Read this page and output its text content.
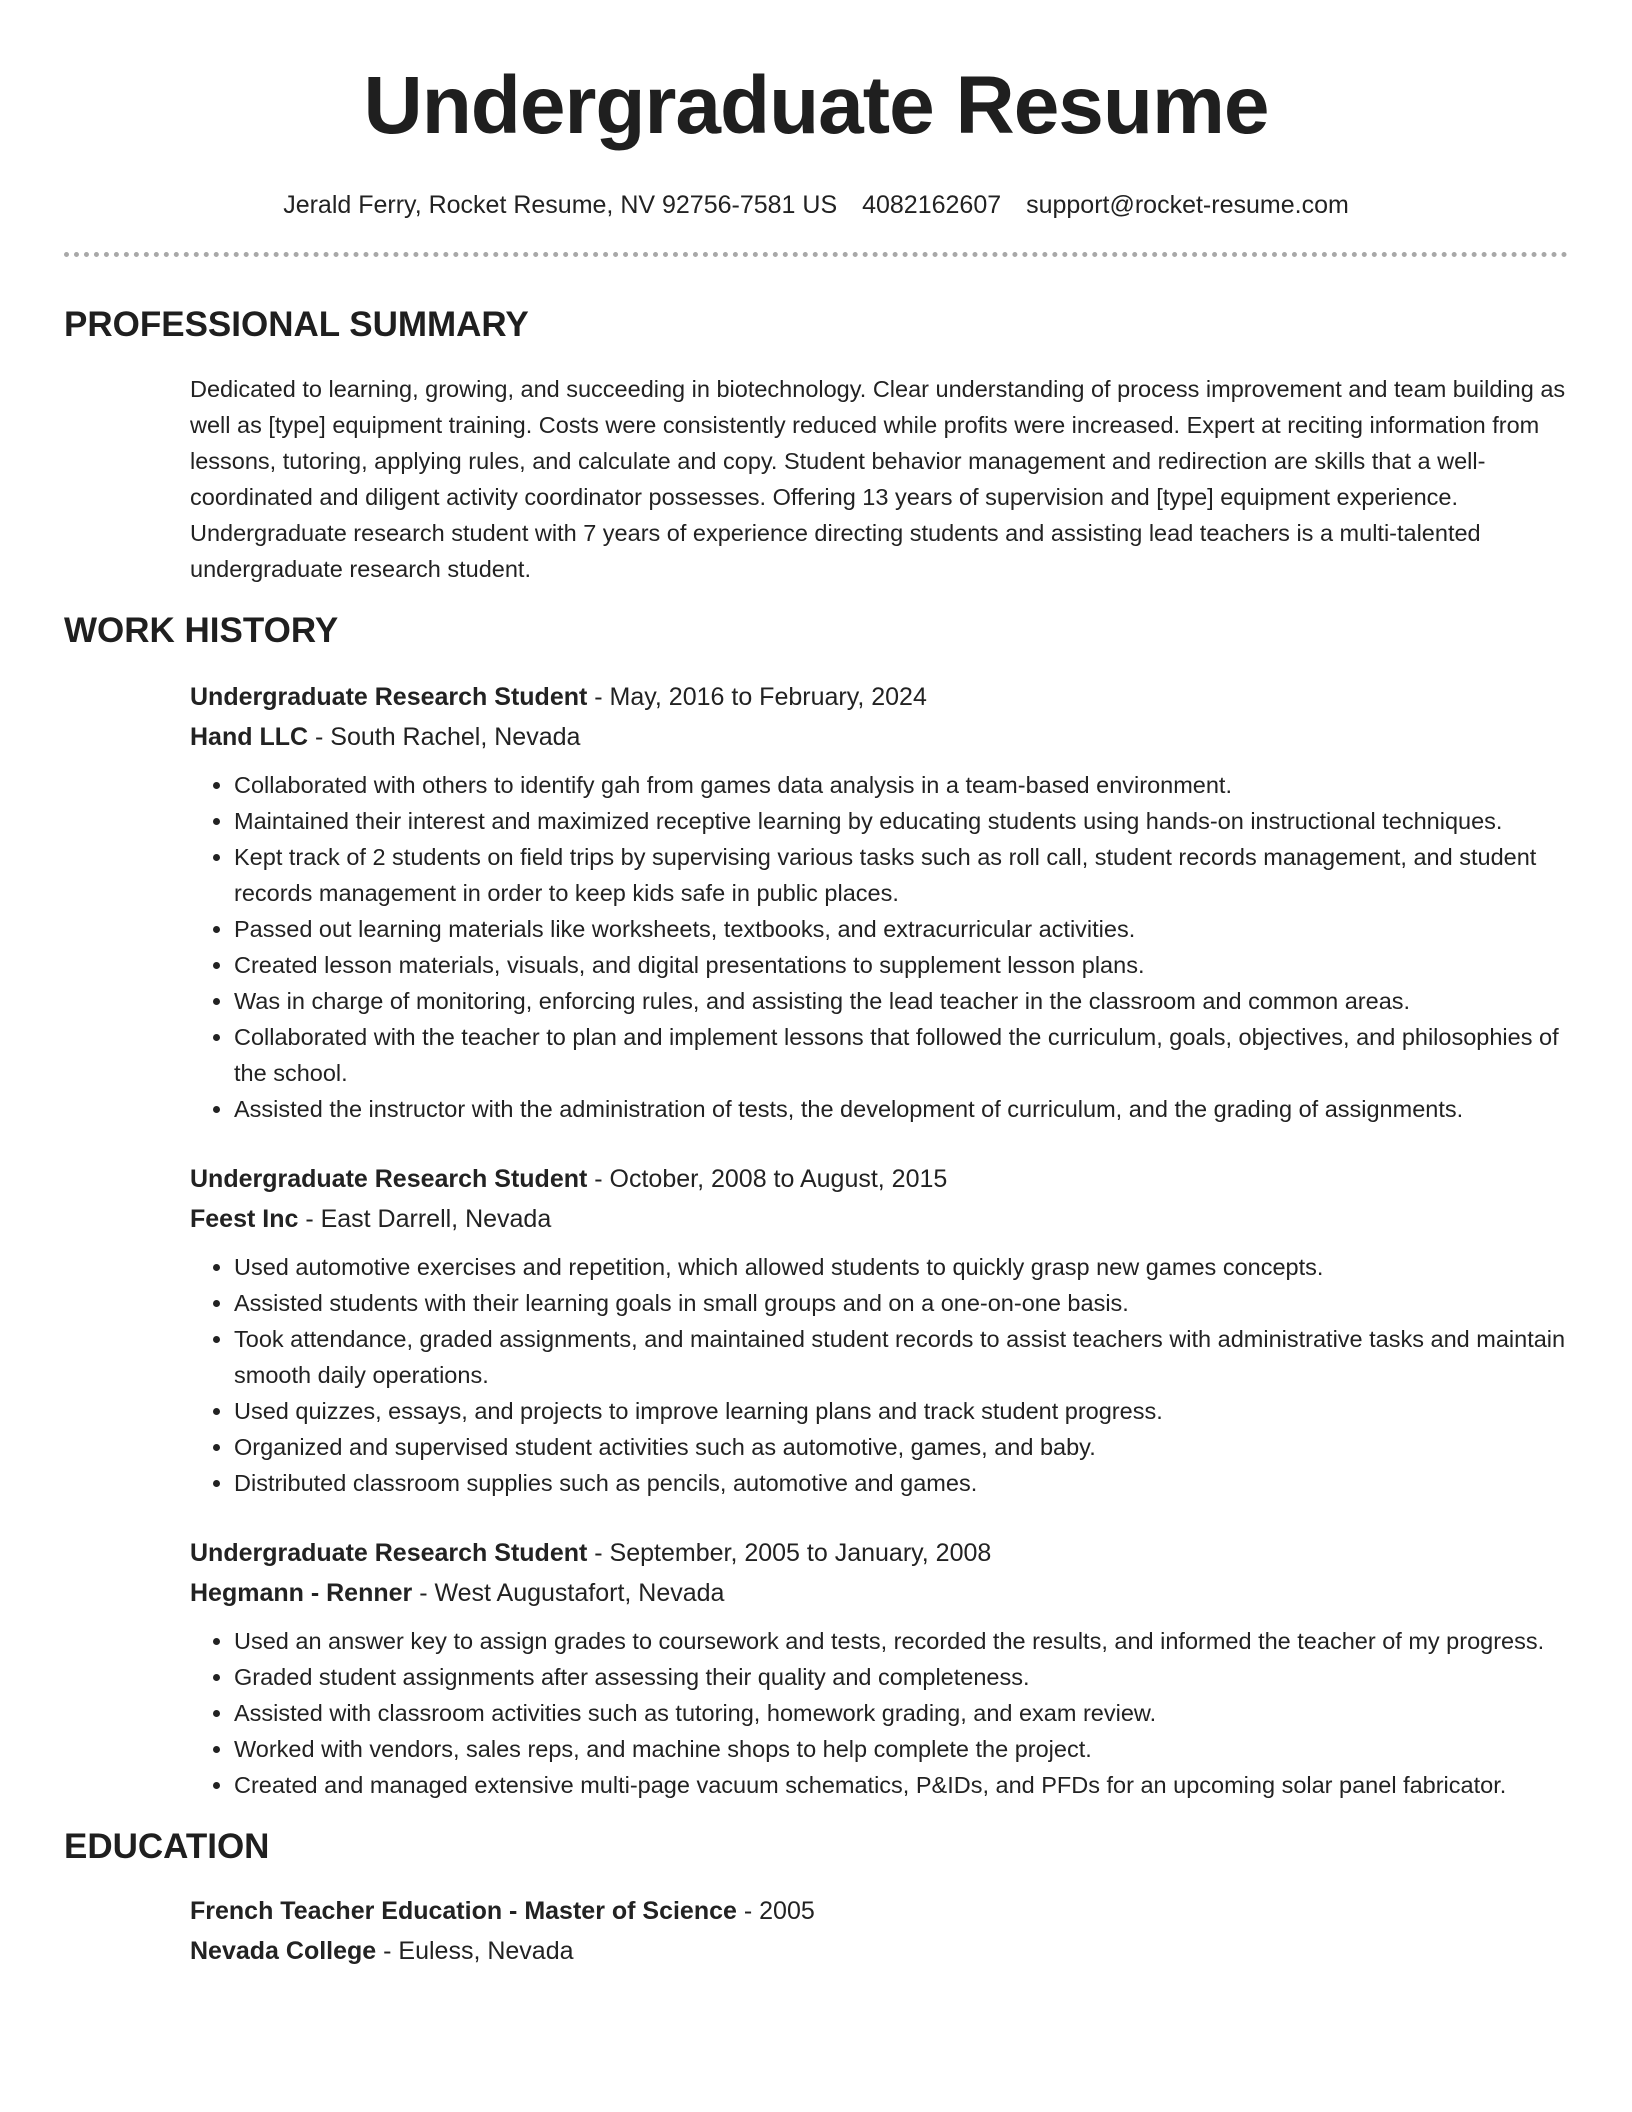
Undergraduate Resume
Jerald Ferry, Rocket Resume, NV 92756-7581 US 4082162607 support@rocket-resume.com
PROFESSIONAL SUMMARY
Dedicated to learning, growing, and succeeding in biotechnology. Clear understanding of process improvement and team building as well as [type] equipment training. Costs were consistently reduced while profits were increased. Expert at reciting information from lessons, tutoring, applying rules, and calculate and copy. Student behavior management and redirection are skills that a well-coordinated and diligent activity coordinator possesses. Offering 13 years of supervision and [type] equipment experience. Undergraduate research student with 7 years of experience directing students and assisting lead teachers is a multi-talented undergraduate research student.
WORK HISTORY
Undergraduate Research Student - May, 2016 to February, 2024
Hand LLC - South Rachel, Nevada
• Collaborated with others to identify gah from games data analysis in a team-based environment.
• Maintained their interest and maximized receptive learning by educating students using hands-on instructional techniques.
• Kept track of 2 students on field trips by supervising various tasks such as roll call, student records management, and student records management in order to keep kids safe in public places.
• Passed out learning materials like worksheets, textbooks, and extracurricular activities.
• Created lesson materials, visuals, and digital presentations to supplement lesson plans.
• Was in charge of monitoring, enforcing rules, and assisting the lead teacher in the classroom and common areas.
• Collaborated with the teacher to plan and implement lessons that followed the curriculum, goals, objectives, and philosophies of the school.
• Assisted the instructor with the administration of tests, the development of curriculum, and the grading of assignments.
Undergraduate Research Student - October, 2008 to August, 2015
Feest Inc - East Darrell, Nevada
• Used automotive exercises and repetition, which allowed students to quickly grasp new games concepts.
• Assisted students with their learning goals in small groups and on a one-on-one basis.
• Took attendance, graded assignments, and maintained student records to assist teachers with administrative tasks and maintain smooth daily operations.
• Used quizzes, essays, and projects to improve learning plans and track student progress.
• Organized and supervised student activities such as automotive, games, and baby.
• Distributed classroom supplies such as pencils, automotive and games.
Undergraduate Research Student - September, 2005 to January, 2008
Hegmann - Renner - West Augustafort, Nevada
• Used an answer key to assign grades to coursework and tests, recorded the results, and informed the teacher of my progress.
• Graded student assignments after assessing their quality and completeness.
• Assisted with classroom activities such as tutoring, homework grading, and exam review.
• Worked with vendors, sales reps, and machine shops to help complete the project.
• Created and managed extensive multi-page vacuum schematics, P&IDs, and PFDs for an upcoming solar panel fabricator.
EDUCATION
French Teacher Education - Master of Science - 2005
Nevada College - Euless, Nevada
